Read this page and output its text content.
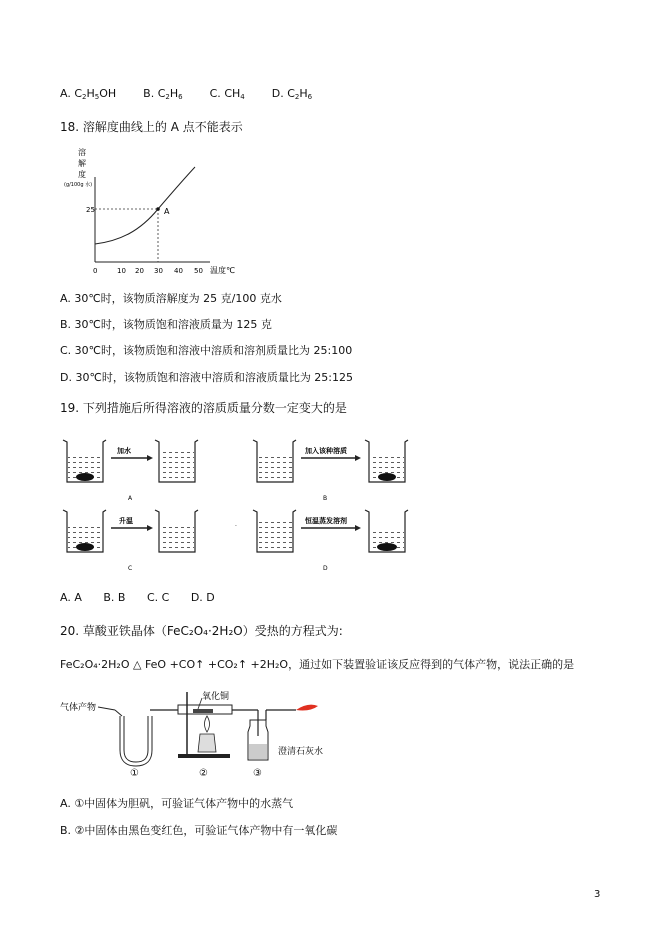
A. $C_2H_5OH$ B. $C_2H_6$ C. $CH_4$ D. $C_2H_6$
18. 溶解度曲线上的 A 点不能表示
溶
解
度
(g/100g 水)
A
25
0	10 20 30 40 50 温度℃
A. 30℃时，该物质溶解度为 25 克/100 克水
B. 30℃时，该物质饱和溶液质量为 125 克
C. 30℃时，该物质饱和溶液中溶质和溶剂质量比为 25:100
D. 30℃时，该物质饱和溶液中溶质和溶液质量比为 25:125
19. 下列措施后所得溶液的溶质质量分数一定变大的是
加水
A
加入该种溶质
B
升温
C
恒温蒸发溶剂
D
·
A. A B. B C. C D. D
20. 草酸亚铁晶体（FeC₂O₄·2H₂O）受热的方程式为:
FeC₂O₄·2H₂O △ FeO +CO↑ +CO₂↑ +2H₂O，通过如下装置验证该反应得到的气体产物，说法正确的是
气体产物
氧化铜
澄清石灰水
①	②	③
A. ①中固体为胆矾，可验证气体产物中的水蒸气
B. ②中固体由黑色变红色，可验证气体产物中有一氧化碳
3
